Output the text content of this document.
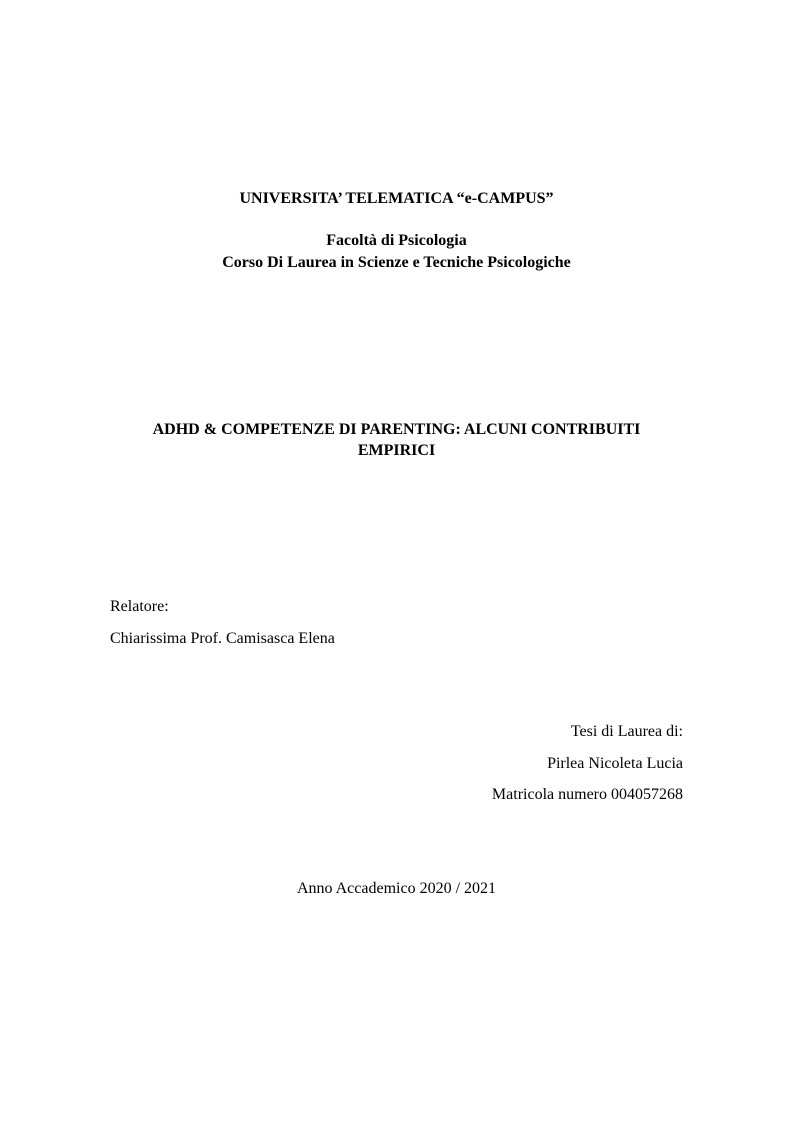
UNIVERSITA’ TELEMATICA “e-CAMPUS”
Facoltà di Psicologia
Corso Di Laurea in Scienze e Tecniche Psicologiche
ADHD & COMPETENZE DI PARENTING: ALCUNI CONTRIBUITI
EMPIRICI
Relatore:
Chiarissima Prof. Camisasca Elena
Tesi di Laurea di:
Pirlea Nicoleta Lucia
Matricola numero 004057268
Anno Accademico 2020 / 2021
